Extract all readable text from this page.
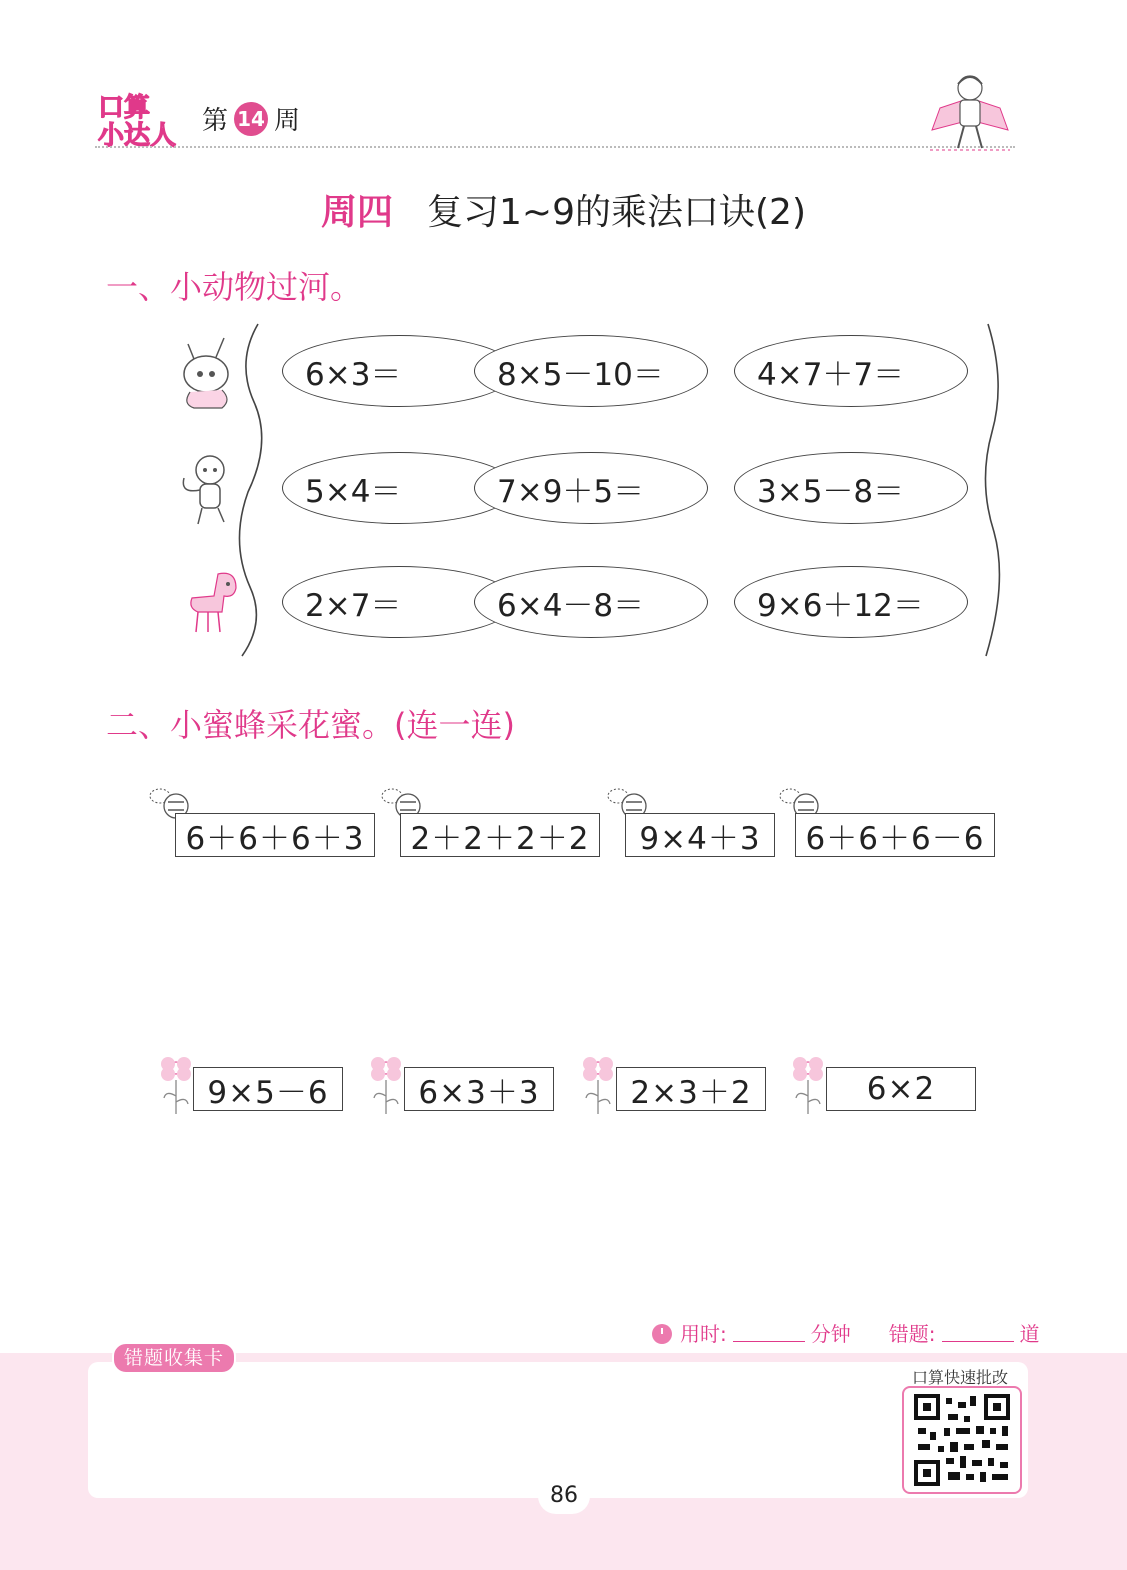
口算
小达人 第 14 周
周四 复习1~9的乘法口诀(2)
一、小动物过河。
6×3＝	8×5－10＝	4×7＋7＝
5×4＝	7×9＋5＝	3×5－8＝
2×7＝	6×4－8＝	9×6＋12＝
二、小蜜蜂采花蜜。(连一连)
6＋6＋6＋3	2＋2＋2＋2	9×4＋3	6＋6＋6－6
9×5－6	6×3＋3	2×3＋2	6×2
用时:	分钟 错题:	道
错题收集卡
口算快速批改
86
